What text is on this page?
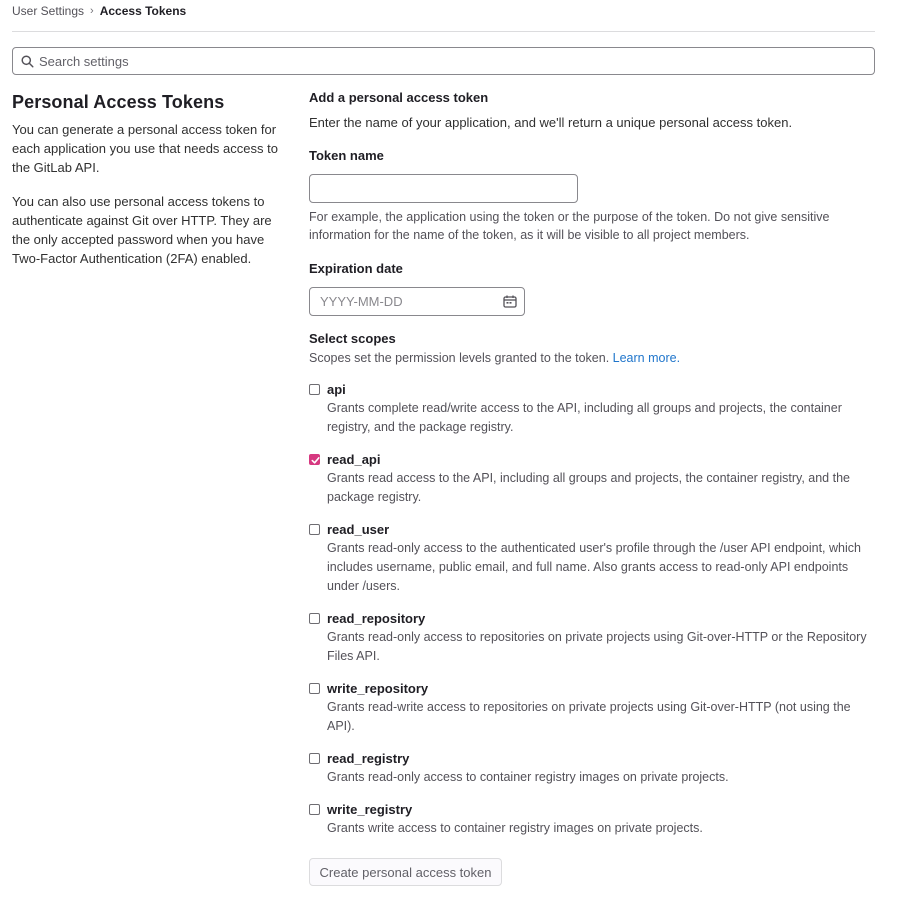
User Settings › Access Tokens
Search settings
Personal Access Tokens

You can generate a personal access token for each application you use that needs access to the GitLab API.

You can also use personal access tokens to authenticate against Git over HTTP. They are the only accepted password when you have Two-Factor Authentication (2FA) enabled.

Add a personal access token
Enter the name of your application, and we'll return a unique personal access token.
Token name
For example, the application using the token or the purpose of the token. Do not give sensitive information for the name of the token, as it will be visible to all project members.
Expiration date
YYYY-MM-DD
Select scopes
Scopes set the permission levels granted to the token. Learn more.
api
Grants complete read/write access to the API, including all groups and projects, the container registry, and the package registry.
read_api
Grants read access to the API, including all groups and projects, the container registry, and the package registry.
read_user
Grants read-only access to the authenticated user's profile through the /user API endpoint, which includes username, public email, and full name. Also grants access to read-only API endpoints under /users.
read_repository
Grants read-only access to repositories on private projects using Git-over-HTTP or the Repository Files API.
write_repository
Grants read-write access to repositories on private projects using Git-over-HTTP (not using the API).
read_registry
Grants read-only access to container registry images on private projects.
write_registry
Grants write access to container registry images on private projects.
Create personal access token
